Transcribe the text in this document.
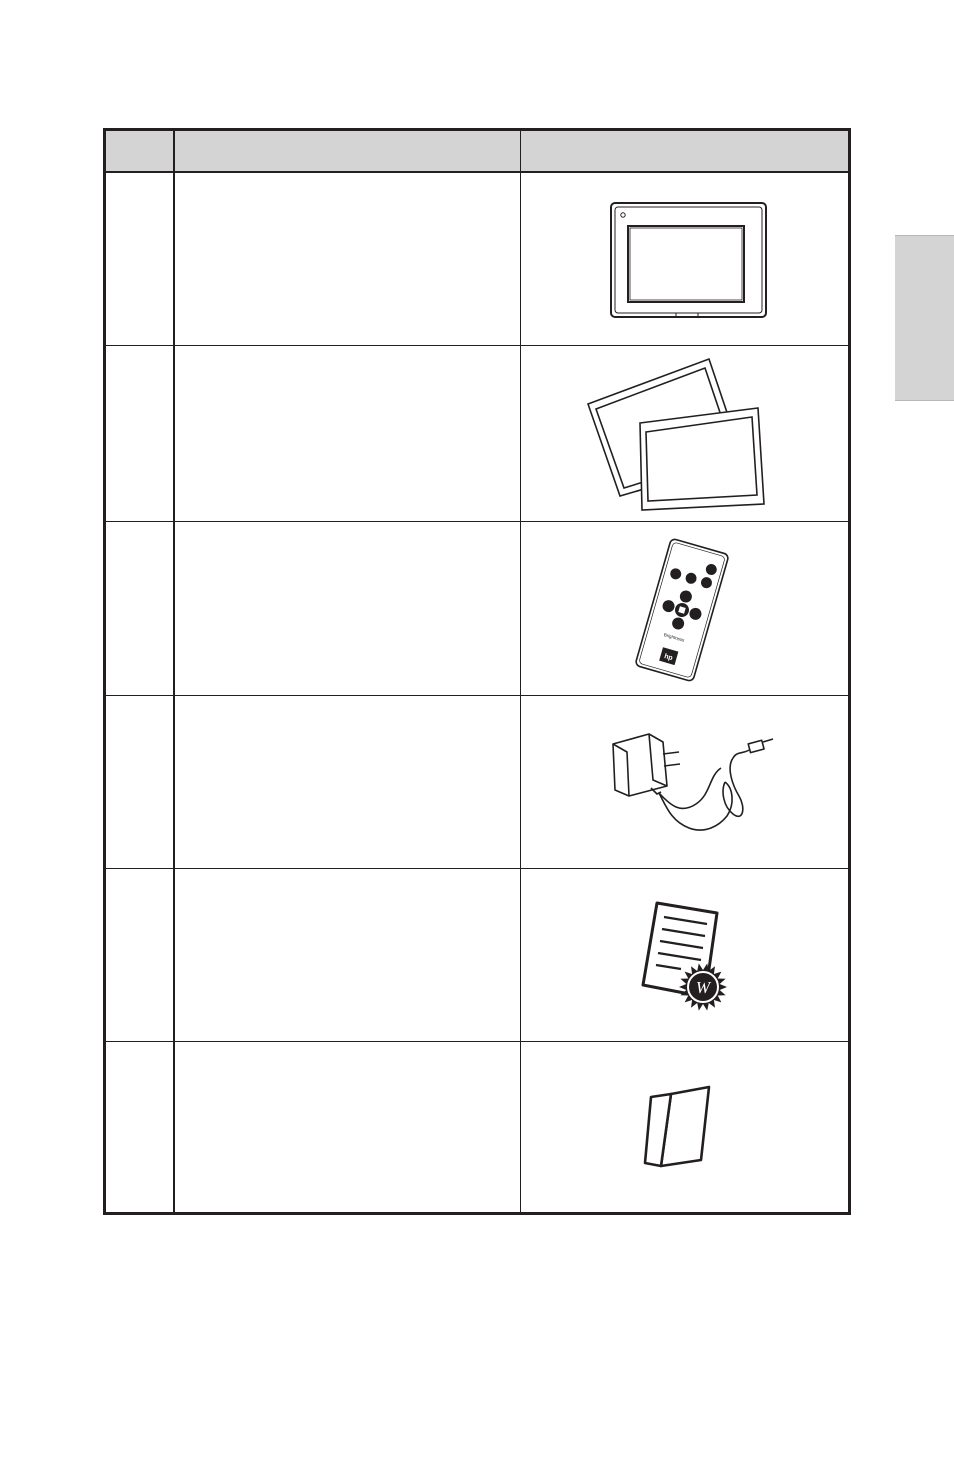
Brightness
hp
W
